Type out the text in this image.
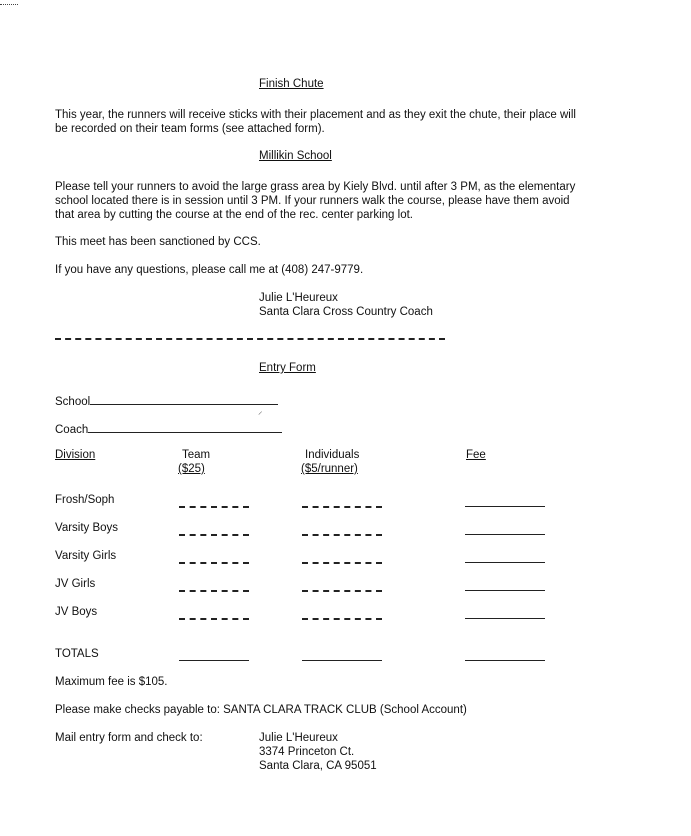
Finish Chute
This year, the runners will receive sticks with their placement and as they exit the chute, their place will be recorded on their team forms (see attached form).
Millikin School
Please tell your runners to avoid the large grass area by Kiely Blvd. until after 3 PM, as the elementary school located there is in session until 3 PM. If your runners walk the course, please have them avoid that area by cutting the course at the end of the rec. center parking lot.
This meet has been sanctioned by CCS.
If you have any questions, please call me at (408) 247-9779.
Julie L'Heureux
Santa Clara Cross Country Coach
Entry Form
School
⸝
Coach
Division	Team
($25)
Individuals
($5/runner)
Fee
Frosh/Soph
Varsity Boys
Varsity Girls
JV Girls
JV Boys
TOTALS
Maximum fee is $105.
Please make checks payable to: SANTA CLARA TRACK CLUB (School Account)
Mail entry form and check to:	Julie L'Heureux
3374 Princeton Ct.
Santa Clara, CA 95051
